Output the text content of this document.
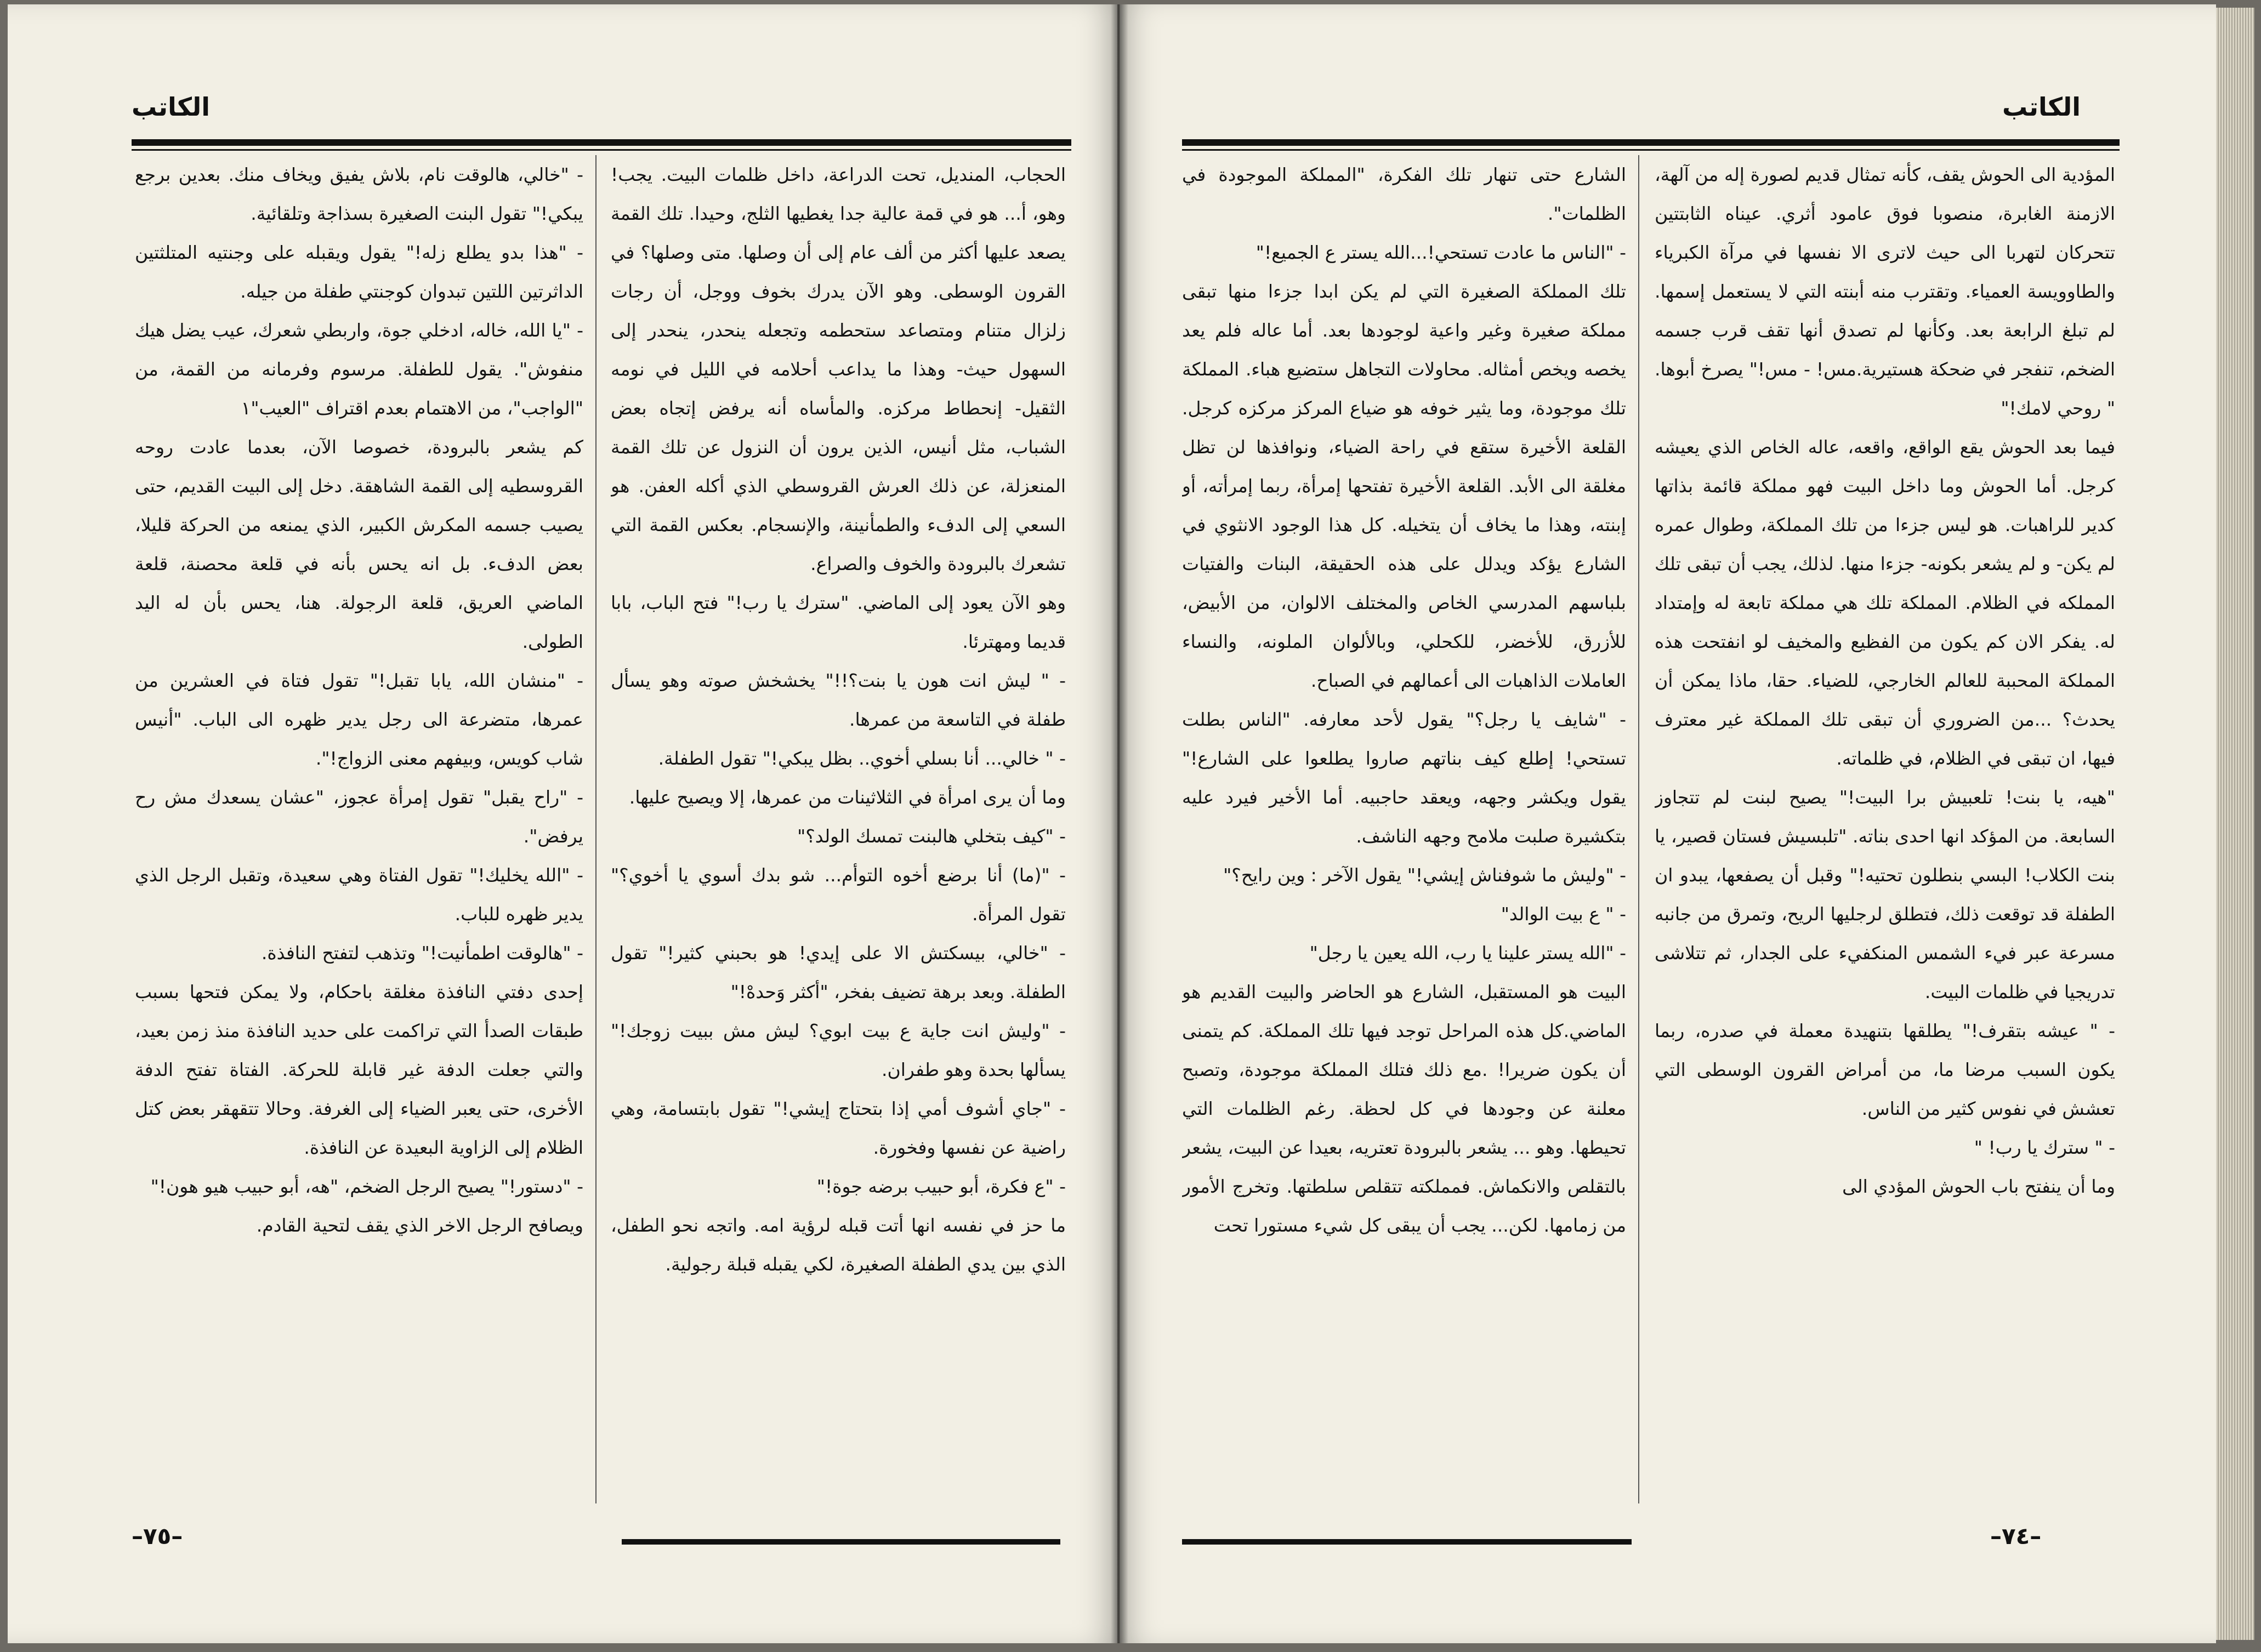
الكاتب

الحجاب، المنديل، تحت الدراعة، داخل ظلمات البيت. يجب! وهو، أ... هو في قمة عالية جدا يغطيها الثلج، وحيدا. تلك القمة يصعد عليها أكثر من ألف عام إلى أن وصلها. متى وصلها؟ في القرون الوسطى. وهو الآن يدرك بخوف ووجل، أن رجات زلزال متنام ومتصاعد ستحطمه وتجعله ينحدر، ينحدر إلى السهول حيث- وهذا ما يداعب أحلامه في الليل في نومه الثقيل- إنحطاط مركزه. والمأساه أنه يرفض إتجاه بعض الشباب، مثل أنيس، الذين يرون أن النزول عن تلك القمة المنعزلة، عن ذلك العرش القروسطي الذي أكله العفن. هو السعي إلى الدفء والطمأنينة، والإنسجام. بعكس القمة التي تشعرك بالبرودة والخوف والصراع.

وهو الآن يعود إلى الماضي. "سترك يا رب!" فتح الباب، بابا قديما ومهترئا.

- " ليش انت هون يا بنت؟!!" يخشخش صوته وهو يسأل طفلة في التاسعة من عمرها.

- " خالي... أنا بسلي أخوي.. بظل يبكي!" تقول الطفلة.

وما أن يرى امرأة في الثلاثينات من عمرها، إلا ويصيح عليها.

- "كيف بتخلي هالبنت تمسك الولد؟"

- "(ما) أنا برضع أخوه التوأم... شو بدك أسوي يا أخوي؟" تقول المرأة.

- "خالي، بيسكتش الا على إيدي! هو بحبني كثير!" تقول الطفلة. وبعد برهة تضيف بفخر، "أكثر وَحدهْ!"

- "وليش انت جاية ع بيت ابوي؟ ليش مش ببيت زوجك!" يسألها بحدة وهو طفران.

- "جاي أشوف أمي إذا بتحتاج إيشي!" تقول بابتسامة، وهي راضية عن نفسها وفخورة.

- "ع فكرة، أبو حبيب برضه جوة!"

ما حز في نفسه انها أتت قبله لرؤية امه. واتجه نحو الطفل، الذي بين يدي الطفلة الصغيرة، لكي يقبله قبلة رجولية.

- "خالي، هالوقت نام، بلاش يفيق ويخاف منك. بعدين برجع يبكي!" تقول البنت الصغيرة بسذاجة وتلقائية.

- "هذا بدو يطلع زله!" يقول ويقبله على وجنتيه المتلثتين الداثرتين اللتين تبدوان كوجنتي طفلة من جيله.

- "يا الله، خاله، ادخلي جوة، واربطي شعرك، عيب يضل هيك منفوش". يقول للطفلة. مرسوم وفرمانه من القمة، من "الواجب"، من الاهتمام بعدم اقتراف "العيب"١

كم يشعر بالبرودة، خصوصا الآن، بعدما عادت روحه القروسطيه إلى القمة الشاهقة. دخل إلى البيت القديم، حتى يصيب جسمه المكرش الكبير، الذي يمنعه من الحركة قليلا، بعض الدفء. بل انه يحس بأنه في قلعة محصنة، قلعة الماضي العريق، قلعة الرجولة. هنا، يحس بأن له اليد الطولى.

- "منشان الله، يابا تقبل!" تقول فتاة في العشرين من عمرها، متضرعة الى رجل يدير ظهره الى الباب. "أنيس شاب كويس، وبيفهم معنى الزواج!".

- "راح يقبل" تقول إمرأة عجوز، "عشان يسعدك مش رح يرفض".

- "الله يخليك!" تقول الفتاة وهي سعيدة، وتقبل الرجل الذي يدير ظهره للباب.

- "هالوقت اطمأنيت!" وتذهب لتفتح النافذة.

إحدى دفتي النافذة مغلقة باحكام، ولا يمكن فتحها بسبب طبقات الصدأ التي تراكمت على حديد النافذة منذ زمن بعيد، والتي جعلت الدفة غير قابلة للحركة. الفتاة تفتح الدفة الأخرى، حتى يعبر الضياء إلى الغرفة. وحالا تتقهقر بعض كتل الظلام إلى الزاوية البعيدة عن النافذة.

- "دستور!" يصيح الرجل الضخم، "هه، أبو حبيب هيو هون!"

ويصافح الرجل الاخر الذي يقف لتحية القادم.

–٧٥–
الكاتب

المؤدية الى الحوش يقف، كأنه تمثال قديم لصورة إله من آلهة، الازمنة الغابرة، منصوبا فوق عامود أثري. عيناه الثابتتين تتحركان لتهربا الى حيث لاترى الا نفسها في مرآة الكبرياء والطاوويسة العمياء. وتقترب منه أبنته التي لا يستعمل إسمها. لم تبلغ الرابعة بعد. وكأنها لم تصدق أنها تقف قرب جسمه الضخم، تنفجر في ضحكة هستيرية.مس! - مس!" يصرخ أبوها. " روحي لامك!"

فيما بعد الحوش يقع الواقع، واقعه، عاله الخاص الذي يعيشه كرجل. أما الحوش وما داخل البيت فهو مملكة قائمة بذاتها كدير للراهبات. هو ليس جزءا من تلك المملكة، وطوال عمره لم يكن- و لم يشعر بكونه- جزءا منها. لذلك، يجب أن تبقى تلك المملكه في الظلام. المملكة تلك هي مملكة تابعة له وإمتداد له. يفكر الان كم يكون من الفظيع والمخيف لو انفتحت هذه المملكة المحببة للعالم الخارجي، للضياء. حقا، ماذا يمكن أن يحدث؟ ...من الضروري أن تبقى تلك المملكة غير معترف فيها، ان تبقى في الظلام، في ظلماته.

"هيه، يا بنت! تلعبيش برا البيت!" يصيح لبنت لم تتجاوز السابعة. من المؤكد انها احدى بناته. "تلبسيش فستان قصير، يا بنت الكلاب! البسي بنطلون تحتيه!" وقبل أن يصفعها، يبدو ان الطفلة قد توقعت ذلك، فتطلق لرجليها الريح، وتمرق من جانبه مسرعة عبر فيء الشمس المنكفيء على الجدار، ثم تتلاشى تدريجيا في ظلمات البيت.

- " عيشه بتقرف!" يطلقها بتنهيدة معملة في صدره، ربما يكون السبب مرضا ما، من أمراض القرون الوسطى التي تعشش في نفوس كثير من الناس.

- " سترك يا رب! "

وما أن ينفتح باب الحوش المؤدي الى

الشارع حتى تنهار تلك الفكرة، "المملكة الموجودة في الظلمات".

- "الناس ما عادت تستحي!...الله يستر ع الجميع!"

تلك المملكة الصغيرة التي لم يكن ابدا جزءا منها تبقى مملكة صغيرة وغير واعية لوجودها بعد. أما عاله فلم يعد يخصه ويخص أمثاله. محاولات التجاهل ستضيع هباء. المملكة تلك موجودة، وما يثير خوفه هو ضياع المركز مركزه كرجل. القلعة الأخيرة ستقع في راحة الضياء، ونوافذها لن تظل مغلقة الى الأبد. القلعة الأخيرة تفتحها إمرأة، ربما إمرأته، أو إبنته، وهذا ما يخاف أن يتخيله. كل هذا الوجود الانثوي في الشارع يؤكد ويدلل على هذه الحقيقة، البنات والفتيات بلباسهم المدرسي الخاص والمختلف الالوان، من الأبيض، للأزرق، للأخضر، للكحلي، وبالألوان الملونه، والنساء العاملات الذاهبات الى أعمالهم في الصباح.

- "شايف يا رجل؟" يقول لأحد معارفه. "الناس بطلت تستحي! إطلع كيف بناتهم صاروا يطلعوا على الشارع!" يقول ويكشر وجهه، ويعقد حاجبيه. أما الأخير فيرد عليه بتكشيرة صلبت ملامح وجهه الناشف.

- "وليش ما شوفناش إيشي!" يقول الآخر : وين رايح؟"

- " ع بيت الوالد"

- "الله يستر علينا يا رب، الله يعين يا رجل"

البيت هو المستقبل، الشارع هو الحاضر والبيت القديم هو الماضي.كل هذه المراحل توجد فيها تلك المملكة. كم يتمنى أن يكون ضريرا! .مع ذلك فتلك المملكة موجودة، وتصبح معلنة عن وجودها في كل لحظة. رغم الظلمات التي تحيطها. وهو ... يشعر بالبرودة تعتريه، بعيدا عن البيت، يشعر بالتقلص والانكماش. فمملكته تتقلص سلطتها. وتخرج الأمور من زمامها. لكن... يجب أن يبقى كل شيء مستورا تحت

–٧٤–
